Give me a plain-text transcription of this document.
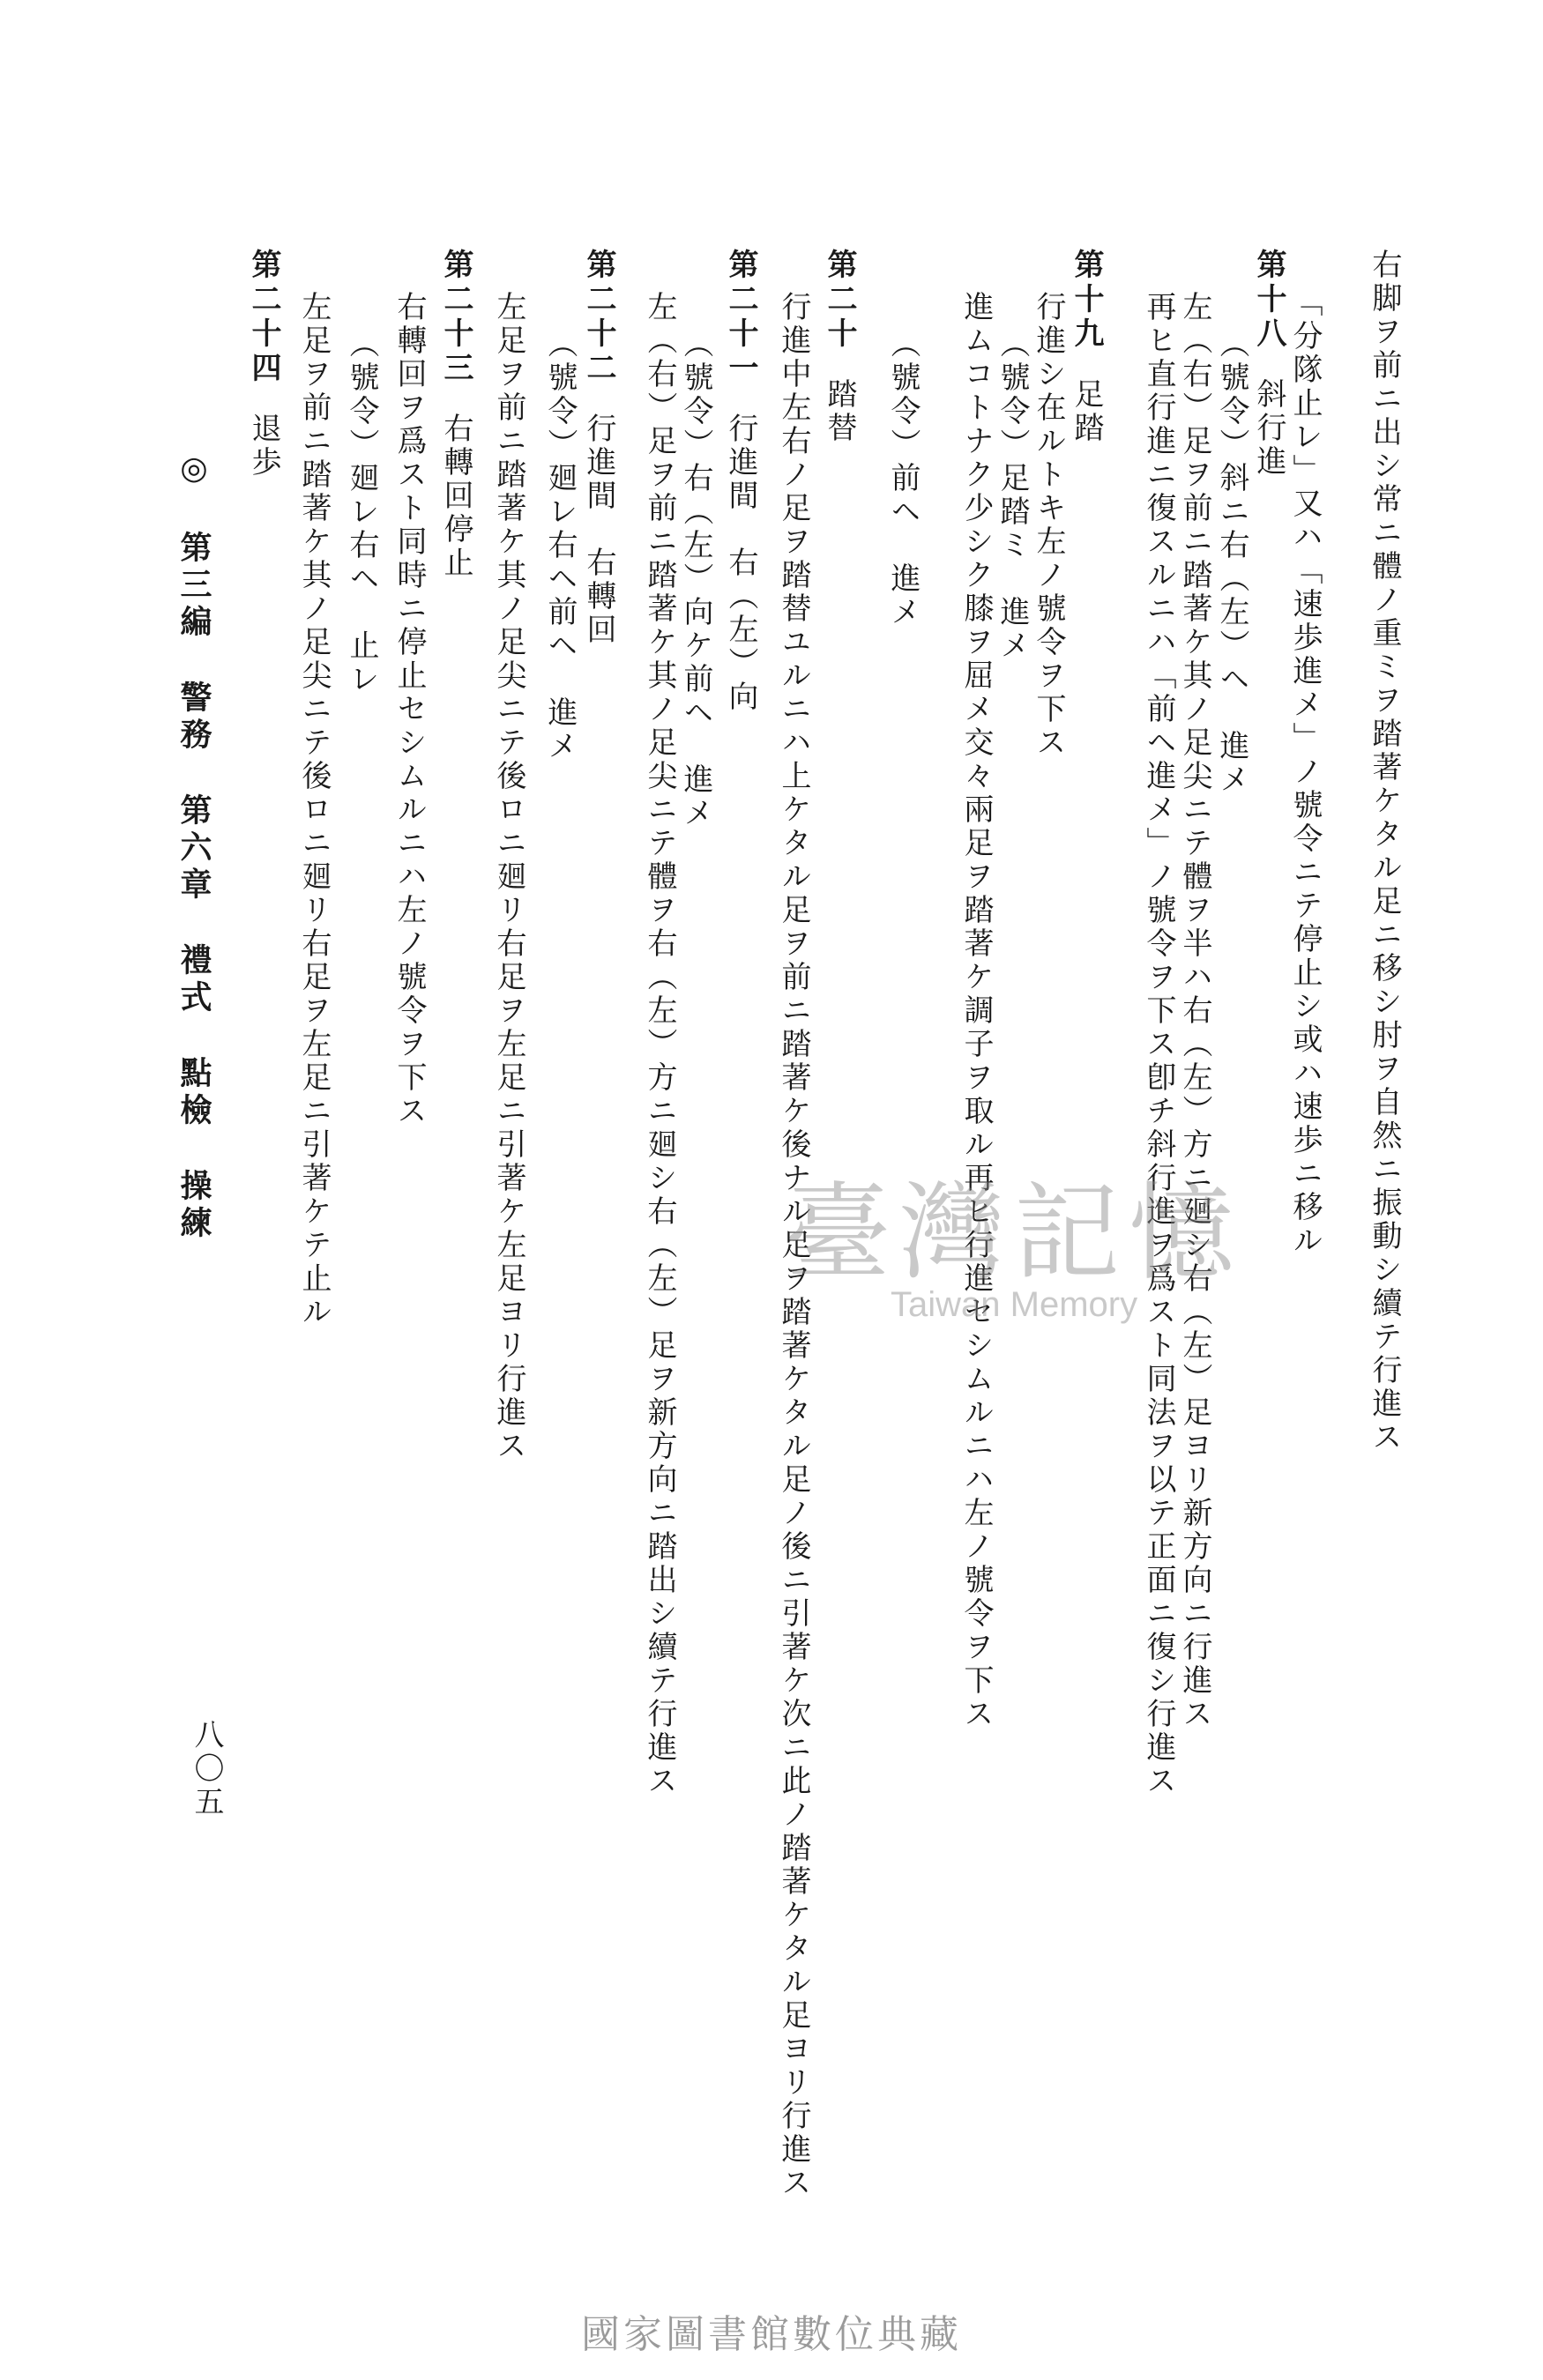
◎第三編警務第六章禮式點檢操練
八〇五
右脚ヲ前ニ出シ常ニ體ノ重ミヲ踏著ケタル足ニ移シ肘ヲ自然ニ振動シ續テ行進ス
第十八斜行進
（號令）斜ニ右（左）ヘ　進メ
左（右）足ヲ前ニ踏著ケ其ノ足尖ニテ體ヲ半ハ右（左）方ニ廻シ右（左）足ヨリ新方向ニ行進ス
再ヒ直行進ニ復スルニハ「前ヘ進メ」ノ號令ヲ下ス卽チ斜行進ヲ爲スト同法ヲ以テ正面ニ復シ行進ス	「分隊止レ」又ハ「速歩進メ」ノ號令ニテ停止シ或ハ速歩ニ移ル
第十九足踏
行進シ在ルトキ左ノ號令ヲ下ス
（號令）足踏ミ　進メ
進ムコトナク少シク膝ヲ屈メ交々兩足ヲ踏著ケ調子ヲ取ル再ヒ行進セシムルニハ左ノ號令ヲ下ス
（號令）前ヘ　進メ
第二十踏替
行進中左右ノ足ヲ踏替ユルニハ上ケタル足ヲ前ニ踏著ケ後ナル足ヲ踏著ケタル足ノ後ニ引著ケ次ニ此ノ踏著ケタル足ヨリ行進ス
第二十一行進間　右（左）向
（號令）右（左）向ケ前ヘ　進メ
左（右）足ヲ前ニ踏著ケ其ノ足尖ニテ體ヲ右（左）方ニ廻シ右（左）足ヲ新方向ニ踏出シ續テ行進ス
第二十二行進間　右轉回
（號令）廻レ右ヘ前ヘ　進メ
左足ヲ前ニ踏著ケ其ノ足尖ニテ後ロニ廻リ右足ヲ左足ニ引著ケ左足ヨリ行進ス
第二十三右轉回停止
右轉回ヲ爲スト同時ニ停止セシムルニハ左ノ號令ヲ下ス
（號令）廻レ右ヘ　止レ
左足ヲ前ニ踏著ケ其ノ足尖ニテ後ロニ廻リ右足ヲ左足ニ引著ケテ止ル
第二十四退歩
臺灣記憶
Taiwan Memory
國家圖書館數位典藏
